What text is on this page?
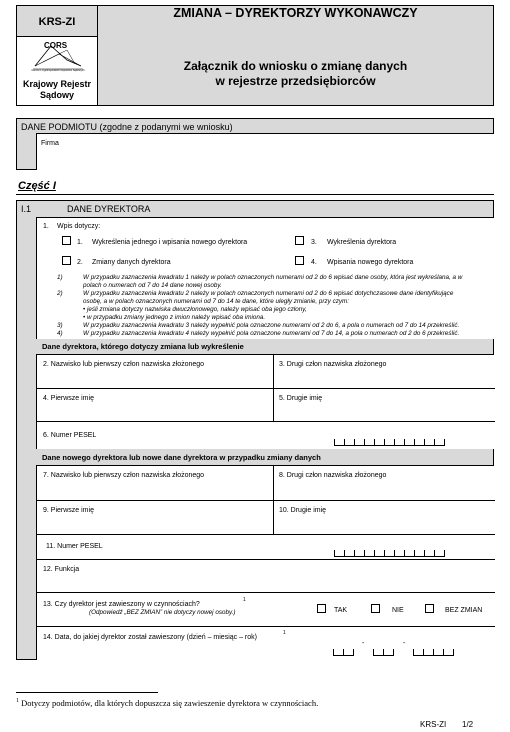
KRS-ZI
CORS
Centrum Ogólnopolskich Rejestrów Sądowych
Krajowy Rejestr
Sądowy
ZMIANA – DYREKTORZY WYKONAWCZY
Załącznik do wniosku o zmianę danych
w rejestrze przedsiębiorców
DANE PODMIOTU (zgodne z podanymi we wniosku)
Firma
Część I
I.1	DANE DYREKTORA
1. Wpis dotyczy:
1. Wykreślenia jednego i wpisania nowego dyrektora	3. Wykreślenia dyrektora
2. Zmiany danych dyrektora	4. Wpisania nowego dyrektora
1)	W przypadku zaznaczenia kwadratu 1 należy w polach oznaczonych numerami od 2 do 6 wpisać dane osoby, która jest wykreślana, a w
polach o numerach od 7 do 14 dane nowej osoby.
2)	W przypadku zaznaczenia kwadratu 2 należy w polach oznaczonych numerami od 2 do 6 wpisać dotychczasowe dane identyfikujące
osobę, a w polach oznaczonych numerami od 7 do 14 te dane, które uległy zmianie, przy czym:
• jeśli zmiana dotyczy nazwiska dwuczłonowego, należy wpisać oba jego człony,
• w przypadku zmiany jednego z imion należy wpisać oba imiona.
3)	W przypadku zaznaczenia kwadratu 3 należy wypełnić pola oznaczone numerami od 2 do 6, a pola o numerach od 7 do 14 przekreślić.
4)	W przypadku zaznaczenia kwadratu 4 należy wypełnić pola oznaczone numerami od 7 do 14, a pola o numerach od 2 do 6 przekreślić.
Dane dyrektora, którego dotyczy zmiana lub wykreślenie
2. Nazwisko lub pierwszy człon nazwiska złożonego	3. Drugi człon nazwiska złożonego
4. Pierwsze imię	5. Drugie imię
6. Numer PESEL
Dane nowego dyrektora lub nowe dane dyrektora w przypadku zmiany danych
7. Nazwisko lub pierwszy człon nazwiska złożonego	8. Drugi człon nazwiska złożonego
9. Pierwsze imię	10. Drugie imię
11. Numer PESEL
12. Funkcja
13. Czy dyrektor jest zawieszony w czynnościach?
1
(Odpowiedź „BEZ ZMIAN” nie dotyczy nowej osoby.)	TAK	NIE	BEZ ZMIAN
14. Data, do jakiej dyrektor został zawieszony (dzień – miesiąc – rok)
1
-	-
$^1$ Dotyczy podmiotów, dla których dopuszcza się zawieszenie dyrektora w czynnościach.
KRS-ZI 1/2
